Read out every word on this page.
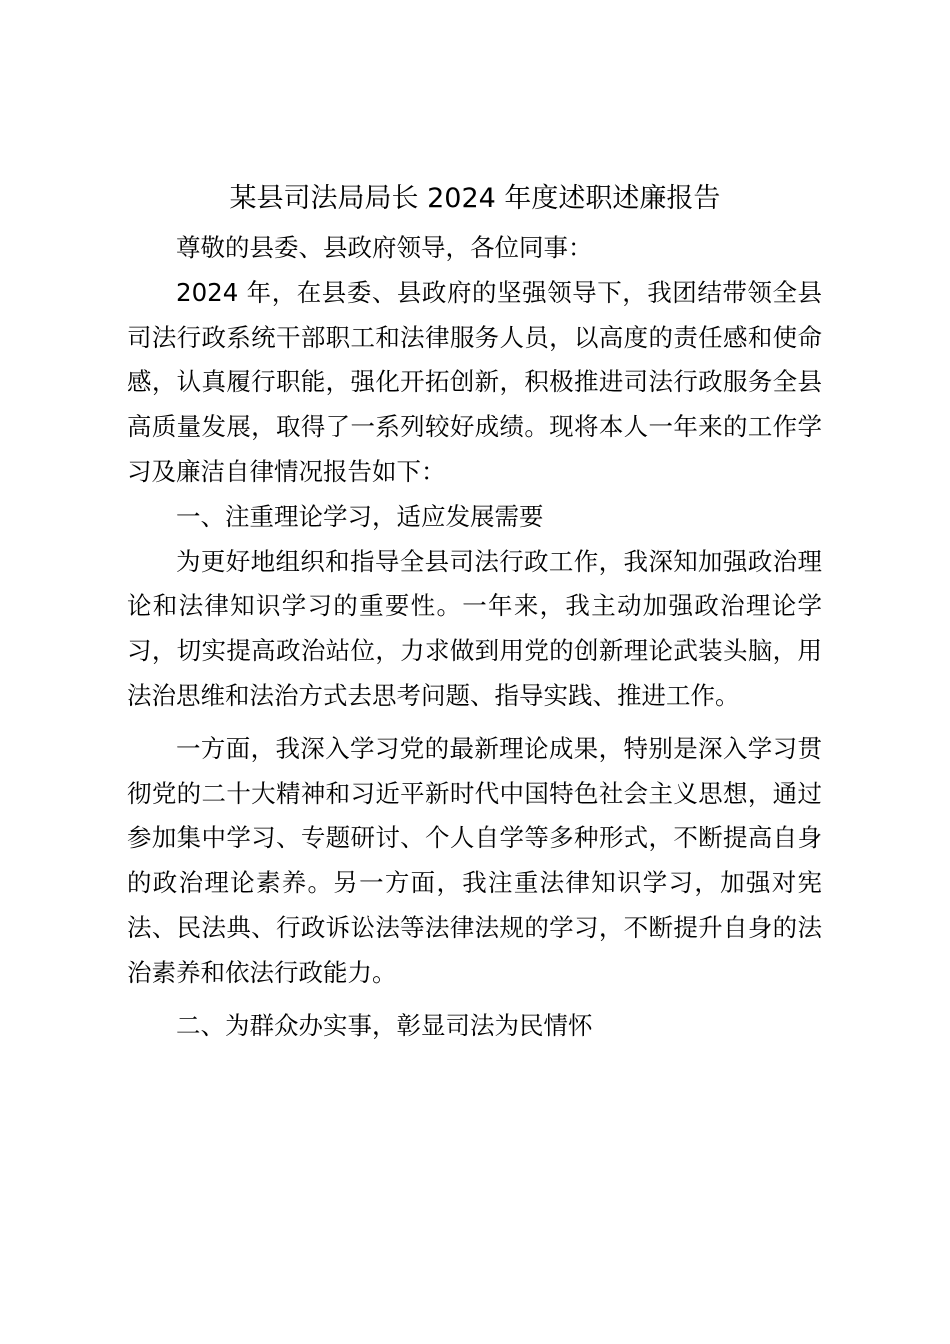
某县司法局局长 2024 年度述职述廉报告

尊敬的县委、县政府领导，各位同事：

2024 年，在县委、县政府的坚强领导下，我团结带领全县司法行政系统干部职工和法律服务人员，以高度的责任感和使命感，认真履行职能，强化开拓创新，积极推进司法行政服务全县高质量发展，取得了一系列较好成绩。现将本人一年来的工作学习及廉洁自律情况报告如下：

一、注重理论学习，适应发展需要

为更好地组织和指导全县司法行政工作，我深知加强政治理论和法律知识学习的重要性。一年来，我主动加强政治理论学习，切实提高政治站位，力求做到用党的创新理论武装头脑，用法治思维和法治方式去思考问题、指导实践、推进工作。

一方面，我深入学习党的最新理论成果，特别是深入学习贯彻党的二十大精神和习近平新时代中国特色社会主义思想，通过参加集中学习、专题研讨、个人自学等多种形式，不断提高自身的政治理论素养。另一方面，我注重法律知识学习，加强对宪法、民法典、行政诉讼法等法律法规的学习，不断提升自身的法治素养和依法行政能力。

二、为群众办实事，彰显司法为民情怀
